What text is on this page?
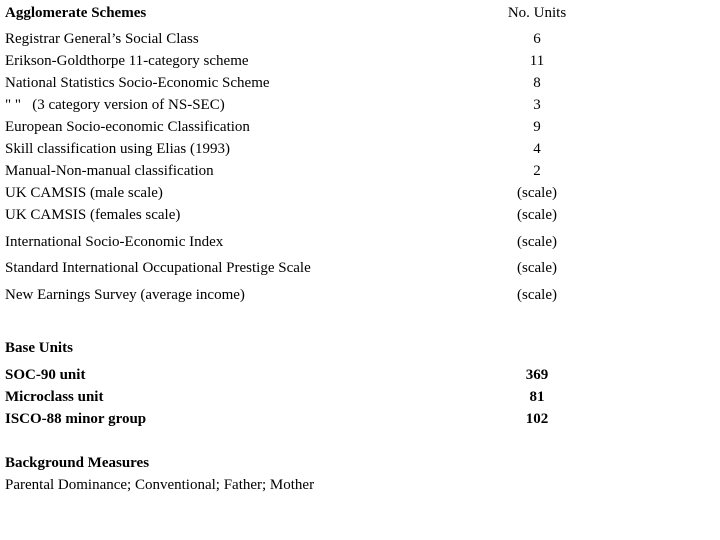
Agglomerate Schemes	No. Units
Registrar General’s Social Class	6
Erikson-Goldthorpe 11-category scheme	11
National Statistics Socio-Economic Scheme	8
" "   (3 category version of NS-SEC)	3
European Socio-economic Classification	9
Skill classification using Elias (1993)	4
Manual-Non-manual classification	2
UK CAMSIS (male scale)	(scale)
UK CAMSIS (females scale)	(scale)
International Socio-Economic Index	(scale)
Standard International Occupational Prestige Scale	(scale)
New Earnings Survey (average income)	(scale)
Base Units
SOC-90 unit	369
Microclass unit	81
ISCO-88 minor group	102
Background Measures
Parental Dominance; Conventional; Father; Mother
